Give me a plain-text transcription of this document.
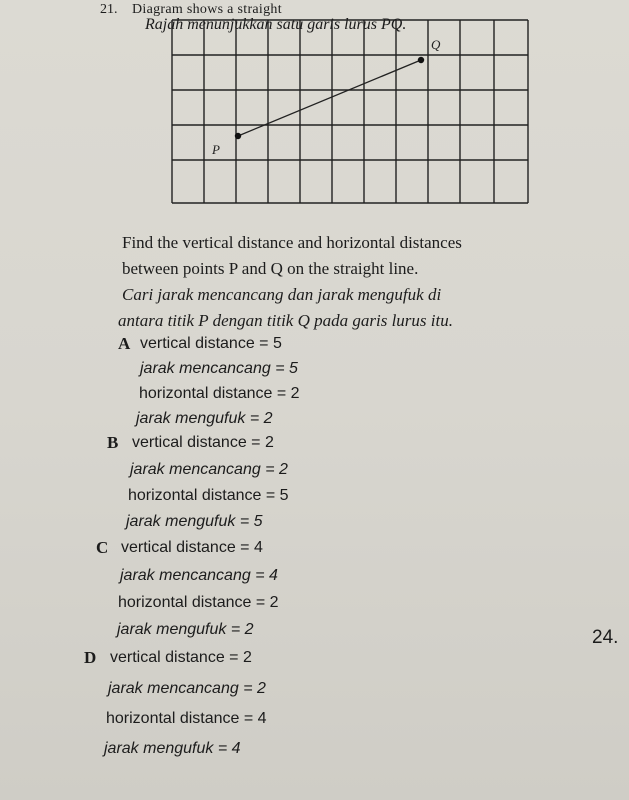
21. Diagram shows a straight
Rajah menunjukkan satu garis lurus PQ.
P
Q
Find the vertical distance and horizontal distances
between points P and Q on the straight line.
Cari jarak mencancang dan jarak mengufuk di
antara titik P dengan titik Q pada garis lurus itu.
A vertical distance = 5
jarak mencancang = 5
horizontal distance = 2
jarak mengufuk = 2
B vertical distance = 2
jarak mencancang = 2
horizontal distance = 5
jarak mengufuk = 5
C vertical distance = 4
jarak mencancang = 4
horizontal distance = 2
jarak mengufuk = 2
D vertical distance = 2
jarak mencancang = 2
horizontal distance = 4
jarak mengufuk = 4
24.
